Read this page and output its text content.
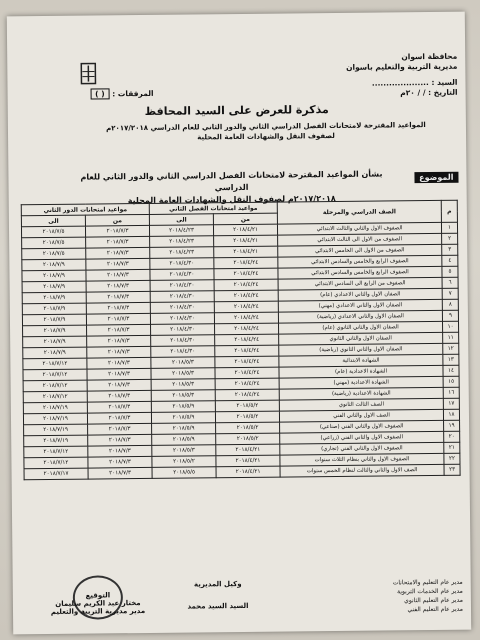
محافظة اسوان
مديرية التربية والتعليم باسوان
السيد : ....................
التاريخ : / / ٢٠م
المرفقات : ( )
مذكرة للعرض على السيد المحافظ
المواعيد المقترحة لامتحانات الفصل الدراسي الثاني والدور الثاني للعام الدراسي ٢٠١٧/٢٠١٨م
لصفوف النقل والشهادات العامة المحلية
الموضوع
بشأن المواعيد المقترحة لامتحانات الفصل الدراسي الثاني والدور الثاني للعام الدراسي
٢٠١٧/٢٠١٨م لصفوف النقل والشهادات العامة المحلية
م	الصف الدراسي والمرحلة	مواعيد امتحانات الفصل الثاني		مواعيد امتحانات الدور الثاني	
		من	الى	من	الى
١	الصفوف الاول والثاني والثالث الابتدائي	٢٠١٨/٤/٢١	٢٠١٨/٤/٢٣	٢٠١٨/٧/٣	٢٠١٨/٧/٥
٢	الصفوف من الاول الى الثالث الابتدائي	٢٠١٨/٤/٢١	٢٠١٨/٤/٢٣	٢٠١٨/٧/٣	٢٠١٨/٧/٥
٣	الصفوف من الاول الى الخامس الابتدائي	٢٠١٨/٤/٢١	٢٠١٨/٤/٢٣	٢٠١٨/٧/٣	٢٠١٨/٧/٥
٤	الصفوف الرابع والخامس والسادس الابتدائي	٢٠١٨/٤/٢٤	٢٠١٨/٤/٣٠	٢٠١٨/٧/٣	٢٠١٨/٧/٩
٥	الصفوف الرابع والخامس والسادس الابتدائي	٢٠١٨/٤/٢٤	٢٠١٨/٤/٣٠	٢٠١٨/٧/٣	٢٠١٨/٧/٩
٦	الصفوف من الرابع الى السادس الابتدائي	٢٠١٨/٤/٢٤	٢٠١٨/٤/٣٠	٢٠١٨/٧/٣	٢٠١٨/٧/٩
٧	الصفان الاول والثاني الاعدادي (عام)	٢٠١٨/٤/٢٤	٢٠١٨/٤/٣٠	٢٠١٨/٧/٣	٢٠١٨/٧/٩
٨	الصفان الاول والثاني الاعدادي (مهني)	٢٠١٨/٤/٢٤	٢٠١٨/٤/٣٠	٢٠١٨/٧/٣	٢٠١٨/٧/٩
٩	الصفان الاول والثاني الاعدادي (رياضية)	٢٠١٨/٤/٢٤	٢٠١٨/٤/٣٠	٢٠١٨/٧/٣	٢٠١٨/٧/٩
١٠	الصفان الاول والثاني الثانوي (عام)	٢٠١٨/٤/٢٤	٢٠١٨/٤/٣٠	٢٠١٨/٧/٣	٢٠١٨/٧/٩
١١	الصفان الاول والثاني الثانوي	٢٠١٨/٤/٢٤	٢٠١٨/٤/٣٠	٢٠١٨/٧/٣	٢٠١٨/٧/٩
١٢	الصفان الاول والثاني الثانوي (رياضية)	٢٠١٨/٤/٢٤	٢٠١٨/٤/٣٠	٢٠١٨/٧/٣	٢٠١٨/٧/٩
١٣	الشهادة الابتدائية	٢٠١٨/٤/٢٤	٢٠١٨/٥/٣	٢٠١٨/٧/٣	٢٠١٨/٧/١٢
١٤	الشهادة الاعدادية (عام)	٢٠١٨/٤/٢٤	٢٠١٨/٥/٣	٢٠١٨/٧/٣	٢٠١٨/٧/١٢
١٥	الشهادة الاعدادية (مهني)	٢٠١٨/٤/٢٤	٢٠١٨/٥/٣	٢٠١٨/٧/٣	٢٠١٨/٧/١٢
١٦	الشهادة الاعدادية (رياضية)	٢٠١٨/٤/٢٤	٢٠١٨/٥/٣	٢٠١٨/٧/٣	٢٠١٨/٧/١٢
١٧	الصف الثالث الثانوي	٢٠١٨/٥/٢	٢٠١٨/٥/٩	٢٠١٨/٧/٣	٢٠١٨/٧/١٩
١٨	الصف الاول والثاني الفني	٢٠١٨/٥/٢	٢٠١٨/٥/٩	٢٠١٨/٧/٣	٢٠١٨/٧/١٩
١٩	الصفوف الاول والثاني الفني (صناعي)	٢٠١٨/٥/٢	٢٠١٨/٥/٩	٢٠١٨/٧/٣	٢٠١٨/٧/١٩
٢٠	الصفوف الاول والثاني الفني (زراعي)	٢٠١٨/٥/٢	٢٠١٨/٥/٩	٢٠١٨/٧/٣	٢٠١٨/٧/١٩
٢١	الصفوف الاول والثاني الفني (تجاري)	٢٠١٨/٤/٢١	٢٠١٨/٥/٣	٢٠١٨/٧/٣	٢٠١٨/٧/١٢
٢٢	الصفوف الاول والثاني بنظام الثلاث سنوات	٢٠١٨/٤/٢١	٢٠١٨/٥/٢	٢٠١٨/٧/٣	٢٠١٨/٧/١٢
٢٣	الصف الاول والثاني والثالث لنظام الخمس سنوات	٢٠١٨/٤/٢١	٢٠١٨/٥/٥	٢٠١٨/٧/٣	٢٠١٨/٧/١٧
وكيل المديرية
السيد السيد محمد
التوقيع
مختار عبد الكريم سليمان
مدير مديرية التربية والتعليم
مدير عام التعليم والامتحانات
مدير عام الخدمات التربوية
مدير عام التعليم الثانوي
مدير عام التعليم الفني
